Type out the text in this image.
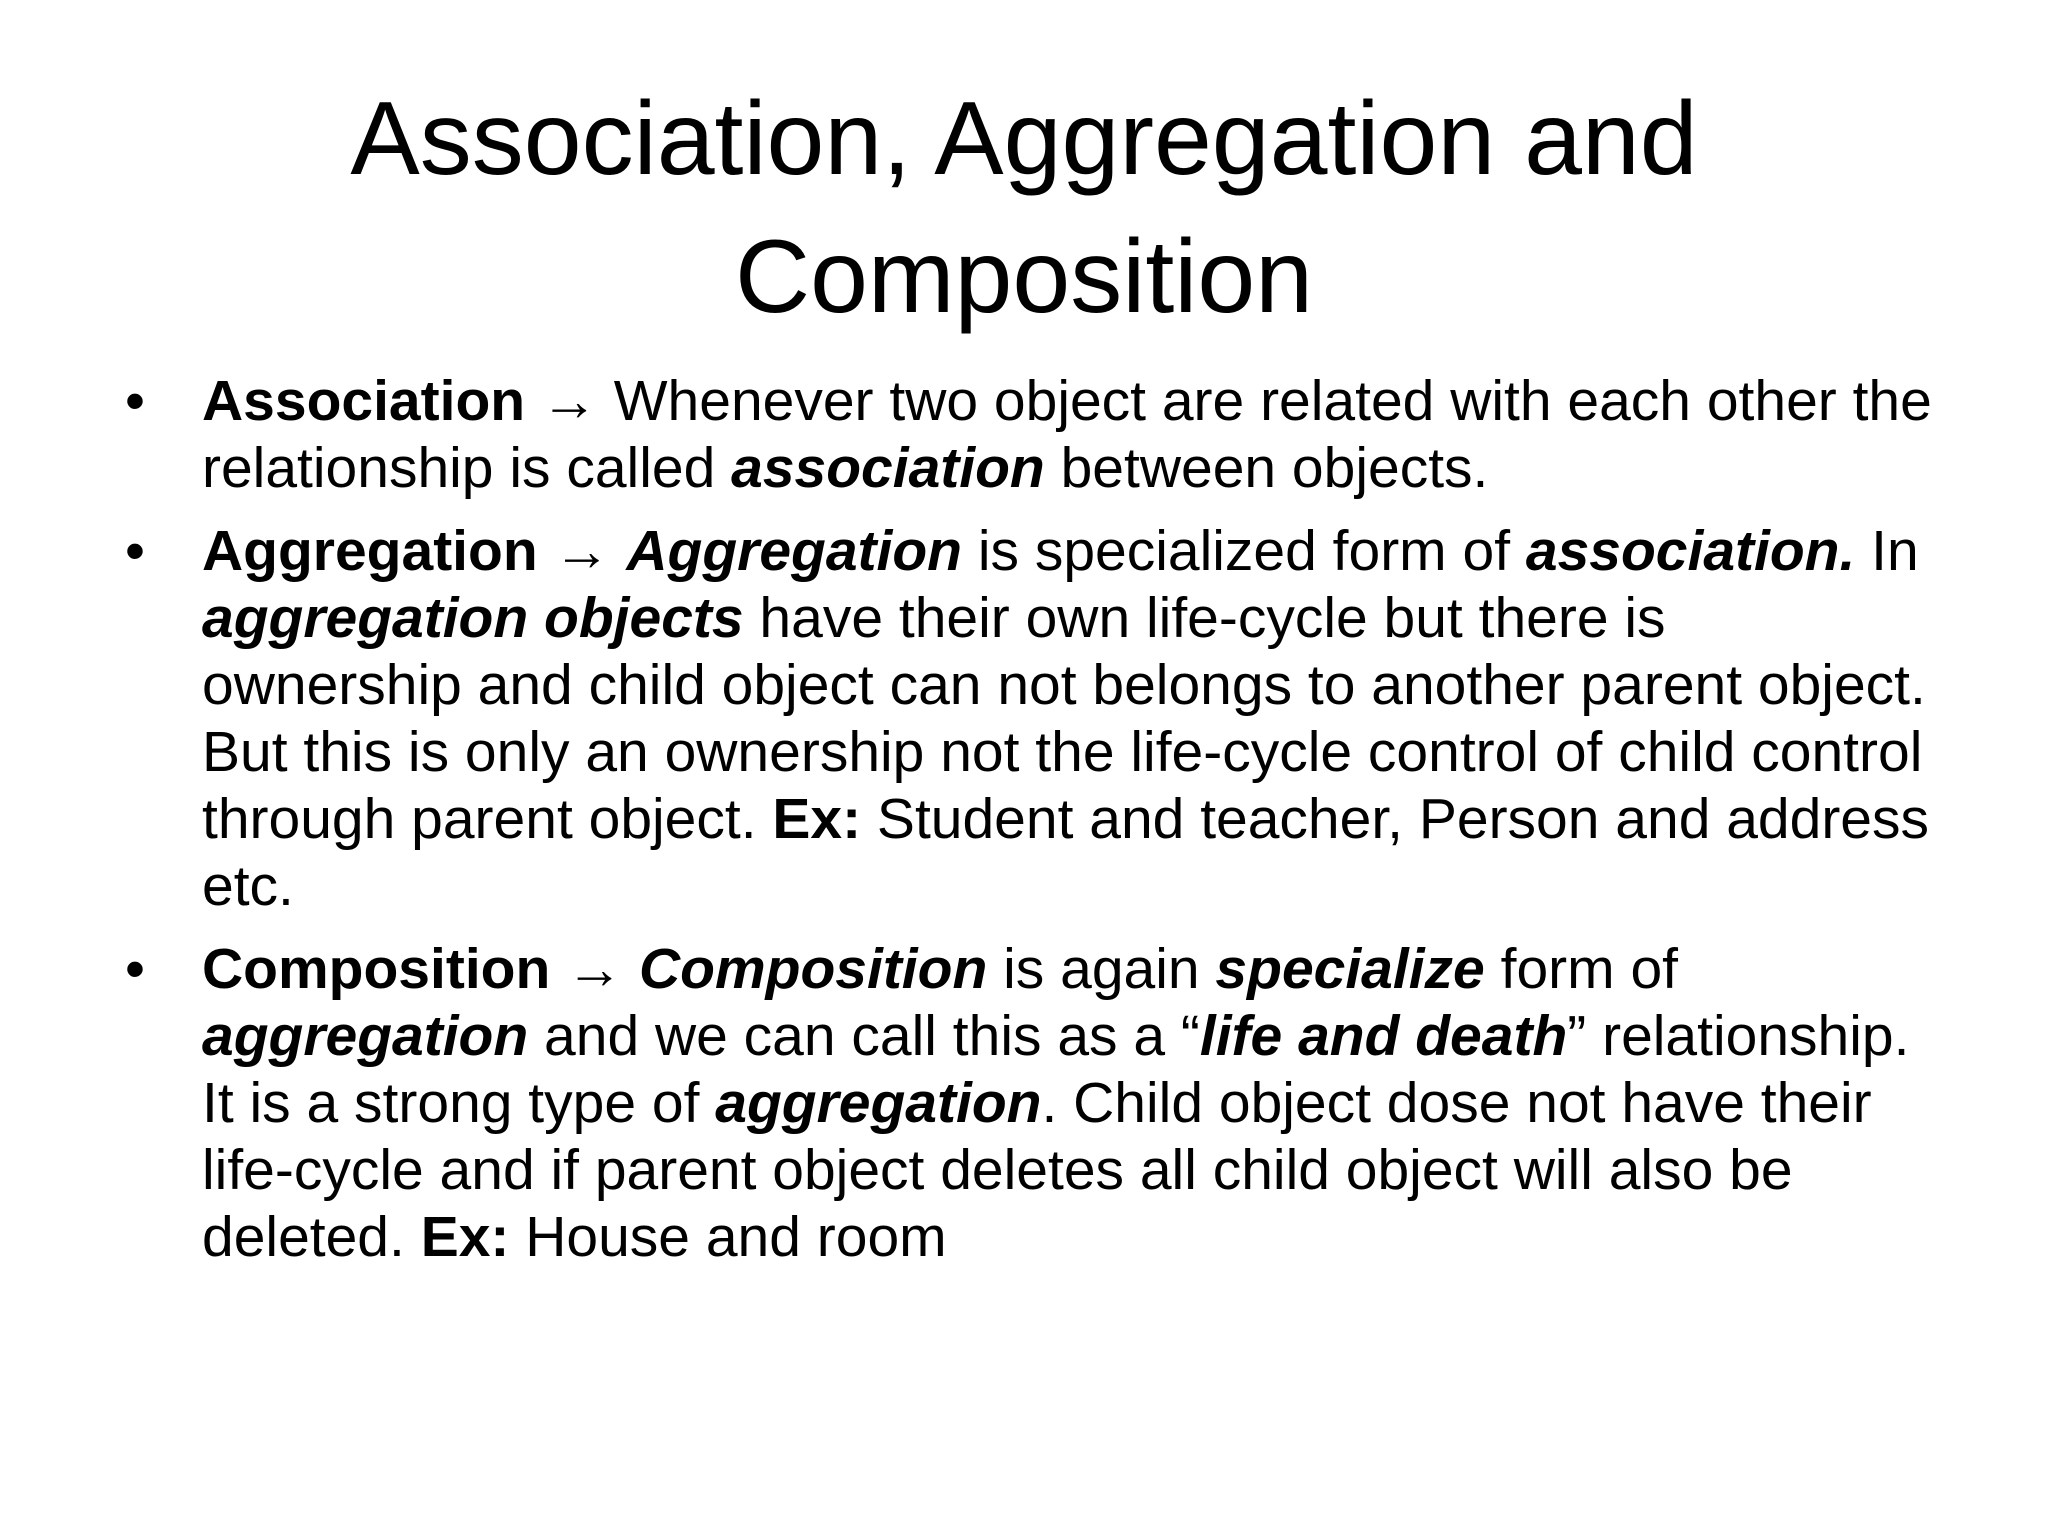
Association, Aggregation and
Composition
• Association → Whenever two object are related with each other the relationship is called association between objects.
• Aggregation → Aggregation is specialized form of association. In aggregation objects have their own life-cycle but there is ownership and child object can not belongs to another parent object. But this is only an ownership not the life-cycle control of child control through parent object. Ex: Student and teacher, Person and address etc.
• Composition → Composition is again specialize form of aggregation and we can call this as a “life and death” relationship. It is a strong type of aggregation. Child object dose not have their life-cycle and if parent object deletes all child object will also be deleted. Ex: House and room
